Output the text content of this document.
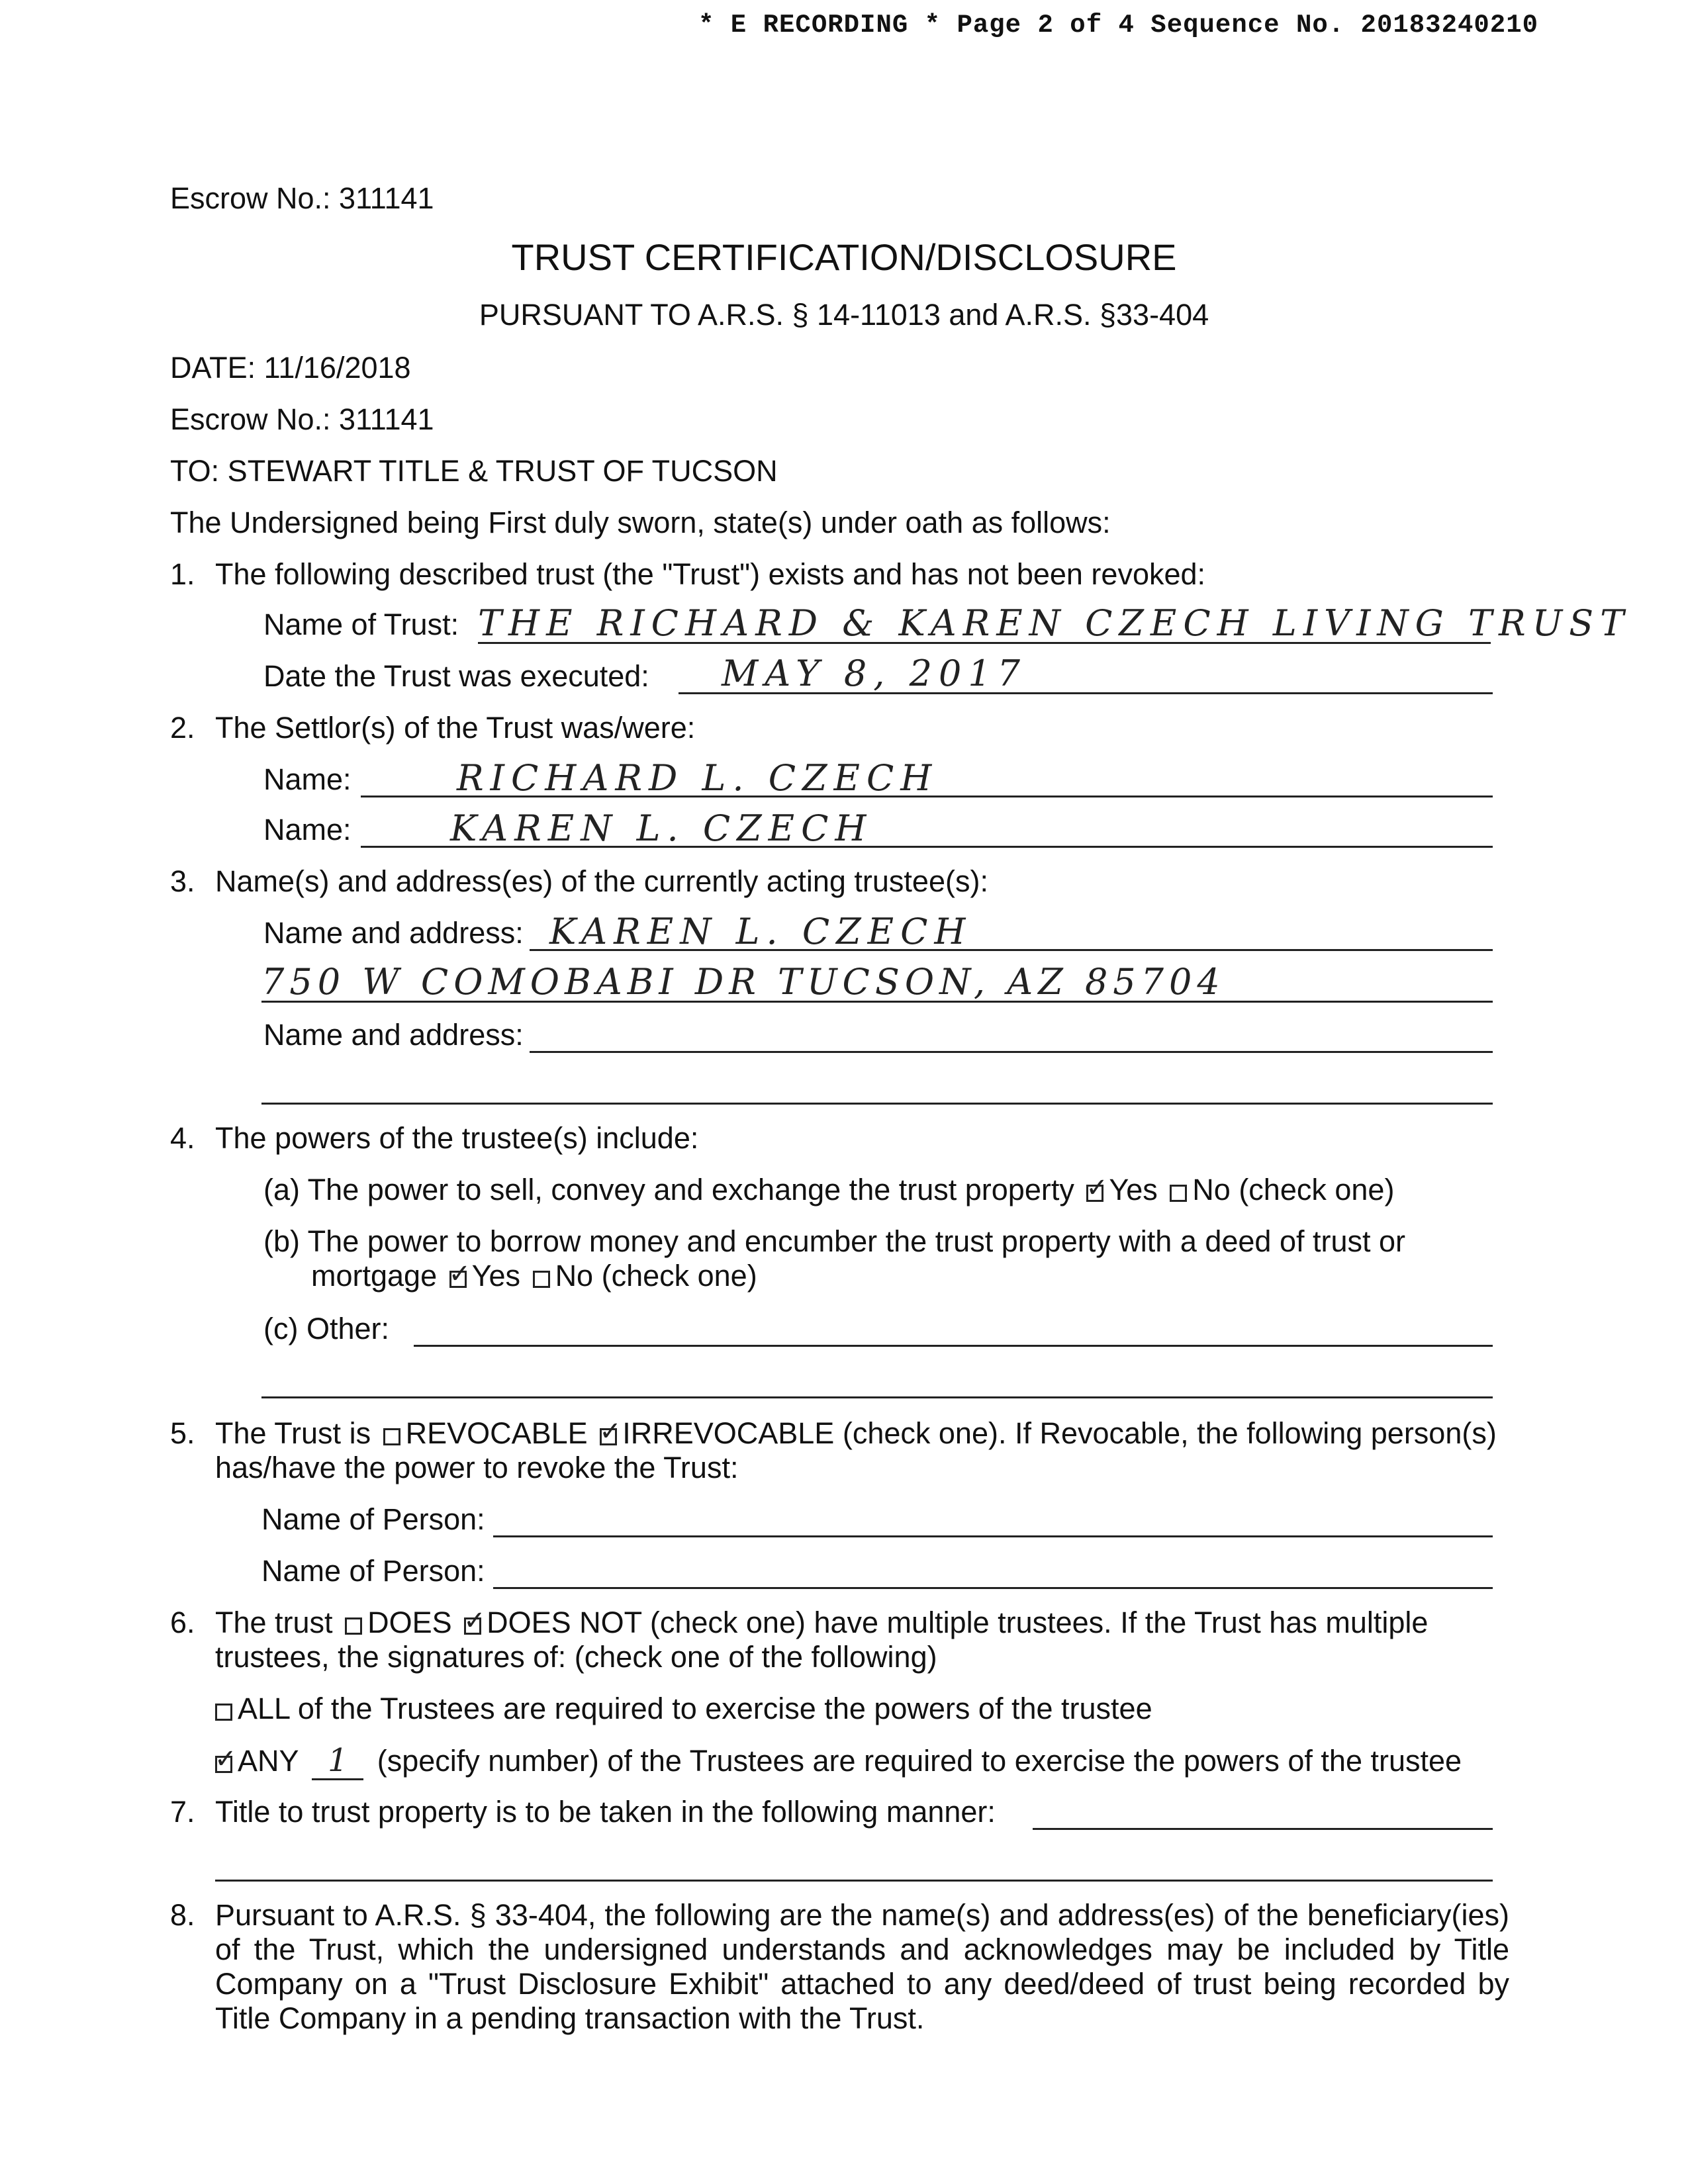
* E RECORDING * Page 2 of 4 Sequence No. 20183240210
Escrow No.: 311141
TRUST CERTIFICATION/DISCLOSURE
PURSUANT TO A.R.S. § 14-11013 and A.R.S. §33-404
DATE: 11/16/2018
Escrow No.: 311141
TO: STEWART TITLE & TRUST OF TUCSON
The Undersigned being First duly sworn, state(s) under oath as follows:
1. The following described trust (the "Trust") exists and has not been revoked:
Name of Trust: THE RICHARD & KAREN CZECH LIVING TRUST
Date the Trust was executed: MAY 8, 2017
2. The Settlor(s) of the Trust was/were:
Name:	RICHARD L. CZECH
Name:	KAREN L. CZECH
3. Name(s) and address(es) of the currently acting trustee(s):
Name and address: KAREN L. CZECH
750 W COMOBABI DR TUCSON, AZ 85704
Name and address:
4. The powers of the trustee(s) include:
(a) The power to sell, convey and exchange the trust property ✓ Yes No (check one)
(b) The power to borrow money and encumber the trust property with a deed of trust or
mortgage ✓ Yes No (check one)
(c) Other:
5. The Trust is REVOCABLE ✓ IRREVOCABLE (check one). If Revocable, the following person(s)
has/have the power to revoke the Trust:
Name of Person:
Name of Person:
6. The trust DOES ✓ DOES NOT (check one) have multiple trustees. If the Trust has multiple
trustees, the signatures of: (check one of the following)
ALL of the Trustees are required to exercise the powers of the trustee
✓ANY 1 (specify number) of the Trustees are required to exercise the powers of the trustee
7. Title to trust property is to be taken in the following manner:
8. Pursuant to A.R.S. § 33-404, the following are the name(s) and address(es) of the beneficiary(ies) of the Trust, which the undersigned understands and acknowledges may be included by Title Company on a "Trust Disclosure Exhibit" attached to any deed/deed of trust being recorded by Title Company in a pending transaction with the Trust.
